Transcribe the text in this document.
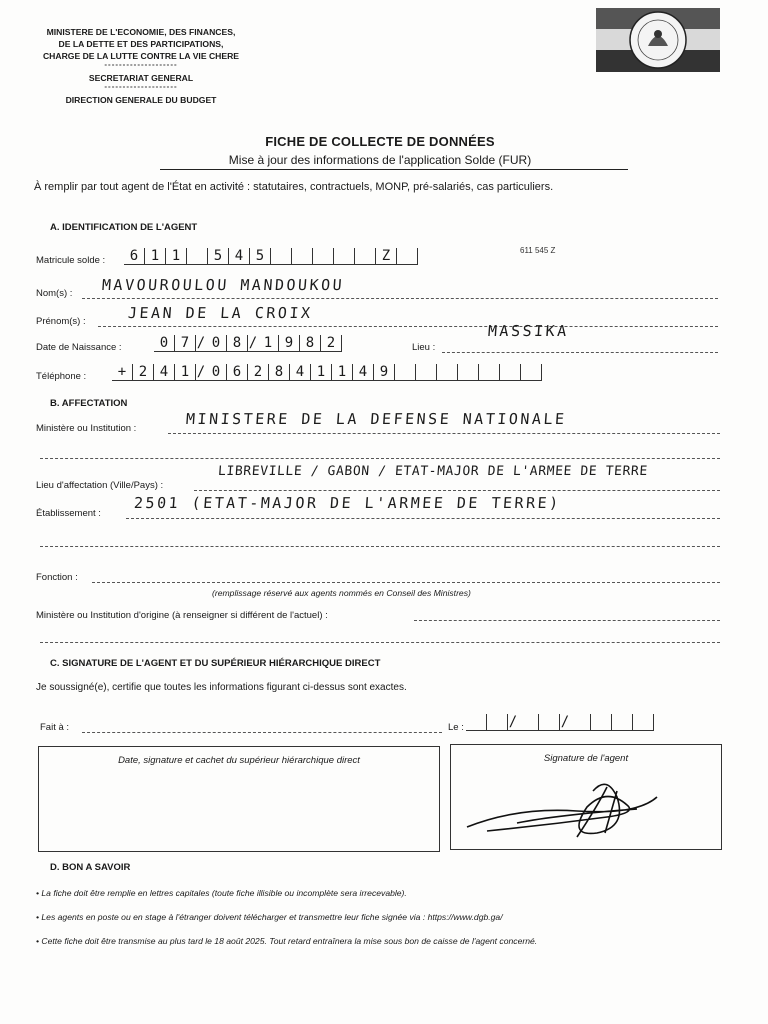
MINISTERE DE L'ECONOMIE, DES FINANCES,
DE LA DETTE ET DES PARTICIPATIONS,
CHARGE DE LA LUTTE CONTRE LA VIE CHERE
--------------------
SECRETARIAT GENERAL
--------------------
DIRECTION GENERALE DU BUDGET
FICHE DE COLLECTE DE DONNÉES
Mise à jour des informations de l'application Solde (FUR)
À remplir par tout agent de l'État en activité : statutaires, contractuels, MONP, pré-salariés, cas particuliers.
A. IDENTIFICATION DE L'AGENT
Matricule solde :	6 1 1	5 4 5	Z	611 545 Z
Nom(s) : MAVOUROULOU MANDOUKOU
Prénom(s) :	JEAN DE LA CROIX
Date de Naissance :	0 7 / 0 8 / 1 9 8 2	Lieu :
MASSIKA
Téléphone :	+ 2 4 1 / 0 6 2 8 4 1 1 4 9
B. AFFECTATION
Ministère ou Institution :
MINISTERE DE LA DEFENSE NATIONALE
Lieu d'affectation (Ville/Pays) :
LIBREVILLE / GABON / ETAT-MAJOR DE L'ARMEE DE TERRE
Établissement :
2501 (ETAT-MAJOR DE L'ARMEE DE TERRE)
Fonction :
(remplissage réservé aux agents nommés en Conseil des Ministres)
Ministère ou Institution d'origine (à renseigner si différent de l'actuel) :
C. SIGNATURE DE L'AGENT ET DU SUPÉRIEUR HIÉRARCHIQUE DIRECT
Je soussigné(e), certifie que toutes les informations figurant ci-dessus sont exactes.
Fait à :	Le :	/	/
Date, signature et cachet du supérieur hiérarchique direct	Signature de l'agent
D. BON A SAVOIR
• La fiche doit être remplie en lettres capitales (toute fiche illisible ou incomplète sera irrecevable).
• Les agents en poste ou en stage à l'étranger doivent télécharger et transmettre leur fiche signée via : https://www.dgb.ga/
• Cette fiche doit être transmise au plus tard le 18 août 2025. Tout retard entraînera la mise sous bon de caisse de l'agent concerné.
